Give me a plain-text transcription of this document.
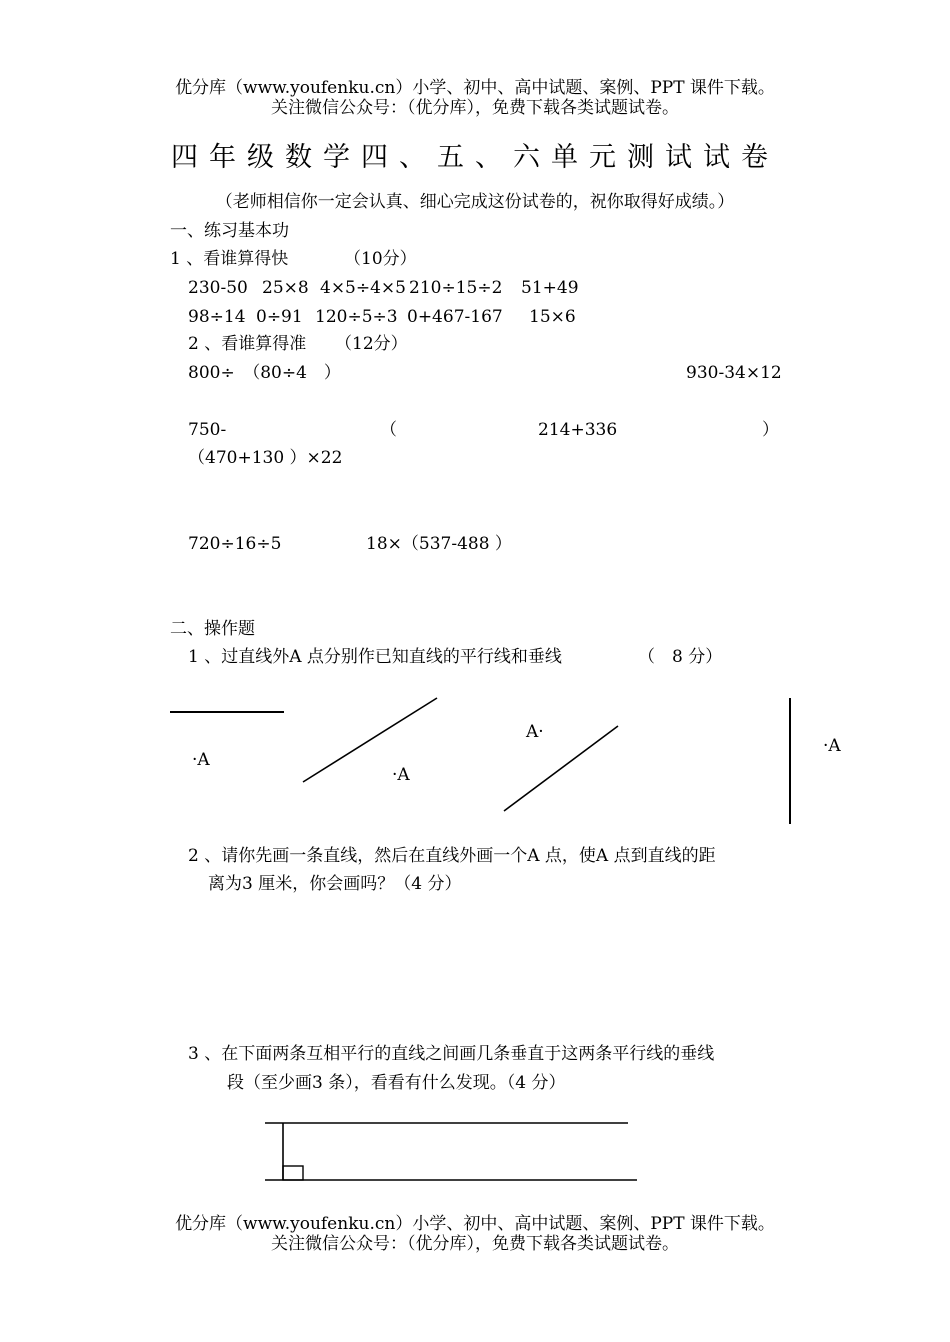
优分库（www.youfenku.cn）小学、初中、高中试题、案例、PPT 课件下载。
关注微信公众号：（优分库），免费下载各类试题试卷。
四年级数学四、五、六单元测试试卷
（老师相信你一定会认真、细心完成这份试卷的，祝你取得好成绩。）
一、练习基本功
1 、看谁算得快	（10分）
230-50 25×8 4×5÷4×5 210÷15÷2 51+49
98÷14 0÷91 120÷5÷3 0+467-167 15×6
2 、看谁算得准 （12分）
800÷　（80÷4　）	930-34×12
750-	（	214+336	）
（470+130 ）×22
720÷16÷5	18×（537-488 ）
二、操作题
1 、过直线外A 点分别作已知直线的平行线和垂线	（　8 分）
·A
·A
A·
·A
2 、请你先画一条直线，然后在直线外画一个A 点，使A 点到直线的距
离为3 厘米，你会画吗？（4 分）
3 、在下面两条互相平行的直线之间画几条垂直于这两条平行线的垂线
段（至少画3 条），看看有什么发现。（4 分）
优分库（www.youfenku.cn）小学、初中、高中试题、案例、PPT 课件下载。
关注微信公众号：（优分库），免费下载各类试题试卷。
